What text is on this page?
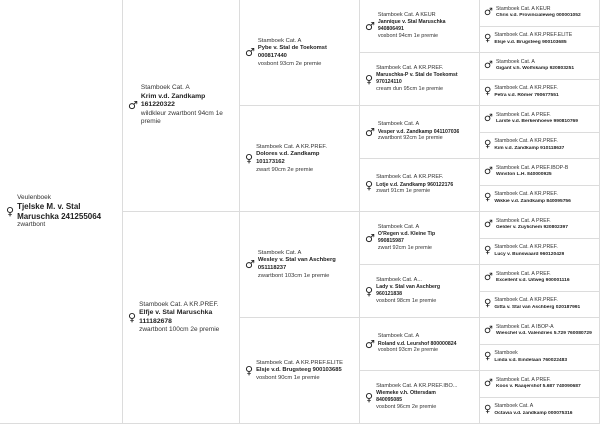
♀
Veulenboek
Tjelske M. v. Stal Maruschka 241255064
zwartbont
♂
Stamboek Cat. A
Krim v.d. Zandkamp
161220322
wildkleur zwartbont 94cm 1e premie
♀
Stamboek Cat. A KR.PREF.
Elfje v. Stal Maruschka
111182678
zwartbont 100cm 2e premie
♂
Stamboek Cat. A
Pybe v. Stal de Toekomst
000817440
vosbont 93cm 2e premie
♀
Stamboek Cat. A KR.PREF.
Dolores v.d. Zandkamp
101173162
zwart 90cm 2e premie
♂
Stamboek Cat. A
Wesley v. Stal van Aschberg
051118237
zwartbont 103cm 1e premie
♀
Stamboek Cat. A KR.PREF.ELITE
Elsje v.d. Brugsteeg 900103685
vosbont 90cm 1e premie
♂
Stamboek Cat. A KEUR
Jannique v. Stal Maruschka
940806491
vosbont 94cm 1e premie
♀
Stamboek Cat. A KR.PREF.
Maruschka-P v. Stal de Toekomst
970124110
cream dun 95cm 1e premie
♂
Stamboek Cat. A
Vesper v.d. Zandkamp 041107036
zwartbont 92cm 1e premie
♀
Stamboek Cat. A KR.PREF.
Lotje v.d. Zandkamp 960122176
zwart 91cm 1e premie
♂
Stamboek Cat. A
O'Regen v.d. Kleine Tip
990815987
zwart 92cm 1e premie
♀
Stamboek Cat. A...
Lady v. Stal van Aschberg
960121838
vosbont 98cm 1e premie
♂
Stamboek Cat. A
Roland v.d. Leurshof 800000824
vosbont 93cm 2e premie
♀
Stamboek Cat. A KR.PREF.IBO...
Wiemeke v.h. Ottersdam
840095085
vosbont 96cm 2e premie
♂ Stamboek Cat. A KEUR
Chris v.d. Provincialeweg 000001052
♀ Stamboek Cat. A KR.PREF.ELITE
Elsje v.d. Brugsteeg 900103685
♂ Stamboek Cat. A
Gigant v.h. Wolfskamp 920803251
♀ Stamboek Cat. A KR.PREF.
Petra v.d. Römer 790677551
♂ Stamboek Cat. A PREF.
Larste v.d. Berkenhoeve 990810769
♀ Stamboek Cat. A KR.PREF.
Kim v.d. Zandkamp 910118637
♂ Stamboek Cat. A PREF.IBOP-B
Winston L.H. 840000925
♀ Stamboek Cat. A KR.PREF.
Wikkie v.d. Zandkamp 840095756
♂ Stamboek Cat. A PREF.
Gelder v. Zuylichem 920802397
♀ Stamboek Cat. A KR.PREF.
Lucy v. Bunswaard 960120429
♂ Stamboek Cat. A PREF.
Excellent v.d. Uitweg 900001116
♀ Stamboek Cat. A KR.PREF.
Gitta v. Stal van Aschberg 020187991
♂ Stamboek Cat. A IBOP-A
Wieschel v.d. Valendries 5.729 760080729
♀ Stamboek
Linda v.d. Eindelaan 760022483
♂ Stamboek Cat. A PREF.
Koos v. Raaijershof 5.687 740090687
♀ Stamboek Cat. A
Octavia v.d. zandkamp 000075316
